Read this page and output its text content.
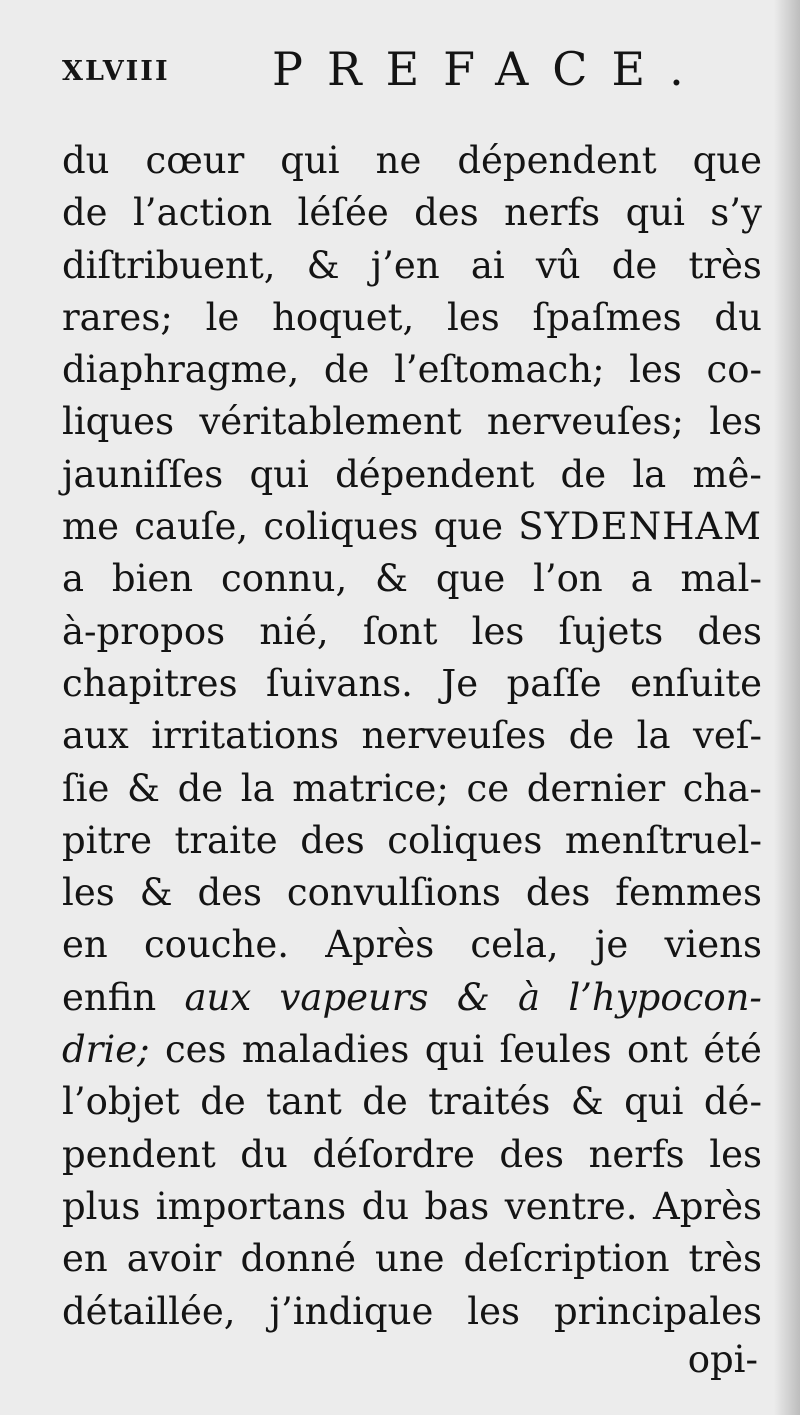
XLVIII PREFACE.
du cœur qui ne dépendent que
de l’action léſée des nerfs qui s’y
diſtribuent, & j’en ai vû de très
rares; le hoquet, les ſpaſmes du
diaphragme, de l’eſtomach; les co-
liques véritablement nerveuſes; les
jauniſſes qui dépendent de la mê-
me cauſe, coliques que SYDENHAM
a bien connu, & que l’on a mal-
à-propos nié, ſont les ſujets des
chapitres ſuivans. Je paſſe enſuite
aux irritations nerveuſes de la veſ-
ſie & de la matrice; ce dernier cha-
pitre traite des coliques menſtruel-
les & des convulſions des femmes
en couche. Après cela, je viens
enfin aux vapeurs & à l’hypocon-
drie; ces maladies qui ſeules ont été
l’objet de tant de traités & qui dé-
pendent du déſordre des nerfs les
plus importans du bas ventre. Après
en avoir donné une deſcription très
détaillée, j’indique les principales
opi-
